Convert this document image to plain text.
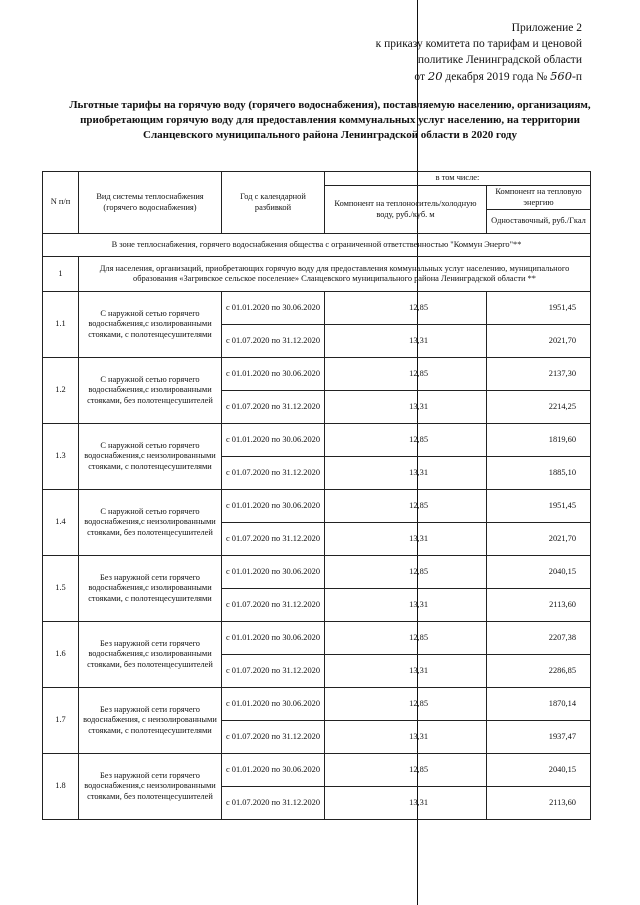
Приложение 2
к приказу комитета по тарифам и ценовой
политике Ленинградской области
от 20 декабря 2019 года № 560-п
Льготные тарифы на горячую воду (горячего водоснабжения), поставляемую населению, организациям, приобретающим горячую воду для предоставления коммунальных услуг населению, на территории Сланцевского муниципального района Ленинградской области в 2020 году
N п/п	Вид системы теплоснабжения (горячего водоснабжения)	Год с календарной разбивкой	в том числе:	
			Компонент на теплоноситель/холодную воду, руб./куб. м	Компонент на тепловую энергию
				Одноставочный, руб./Гкал
В зоне теплоснабжения, горячего водоснабжения общества с ограниченной ответственностью "Коммун Энерго"**				
1	Для населения, организаций, приобретающих горячую воду для предоставления коммунальных услуг населению, муниципального образования «Загривское сельское поселение» Сланцевского муниципального района Ленинградской области **			
1.1	С наружной сетью горячего водоснабжения,с изолированными стояками, с полотенцесушителями	с 01.01.2020 по 30.06.2020	12,85	1951,45
		с 01.07.2020 по 31.12.2020	13,31	2021,70
1.2	С наружной сетью горячего водоснабжения,с изолированными стояками, без полотенцесушителей	с 01.01.2020 по 30.06.2020	12,85	2137,30
		с 01.07.2020 по 31.12.2020	13,31	2214,25
1.3	С наружной сетью горячего водоснабжения,с неизолированными стояками, с полотенцесушителями	с 01.01.2020 по 30.06.2020	12,85	1819,60
		с 01.07.2020 по 31.12.2020	13,31	1885,10
1.4	С наружной сетью горячего водоснабжения,с неизолированными стояками, без полотенцесушителей	с 01.01.2020 по 30.06.2020	12,85	1951,45
		с 01.07.2020 по 31.12.2020	13,31	2021,70
1.5	Без наружной сети горячего водоснабжения,с изолированными стояками, с полотенцесушителями	с 01.01.2020 по 30.06.2020	12,85	2040,15
		с 01.07.2020 по 31.12.2020	13,31	2113,60
1.6	Без наружной сети горячего водоснабжения,с изолированными стояками, без полотенцесушителей	с 01.01.2020 по 30.06.2020	12,85	2207,38
		с 01.07.2020 по 31.12.2020	13,31	2286,85
1.7	Без наружной сети горячего водоснабжения, с неизолированными стояками, с полотенцесушителями	с 01.01.2020 по 30.06.2020	12,85	1870,14
		с 01.07.2020 по 31.12.2020	13,31	1937,47
1.8	Без наружной сети горячего водоснабжения,с неизолированными стояками, без полотенцесушителей	с 01.01.2020 по 30.06.2020	12,85	2040,15
		с 01.07.2020 по 31.12.2020	13,31	2113,60
